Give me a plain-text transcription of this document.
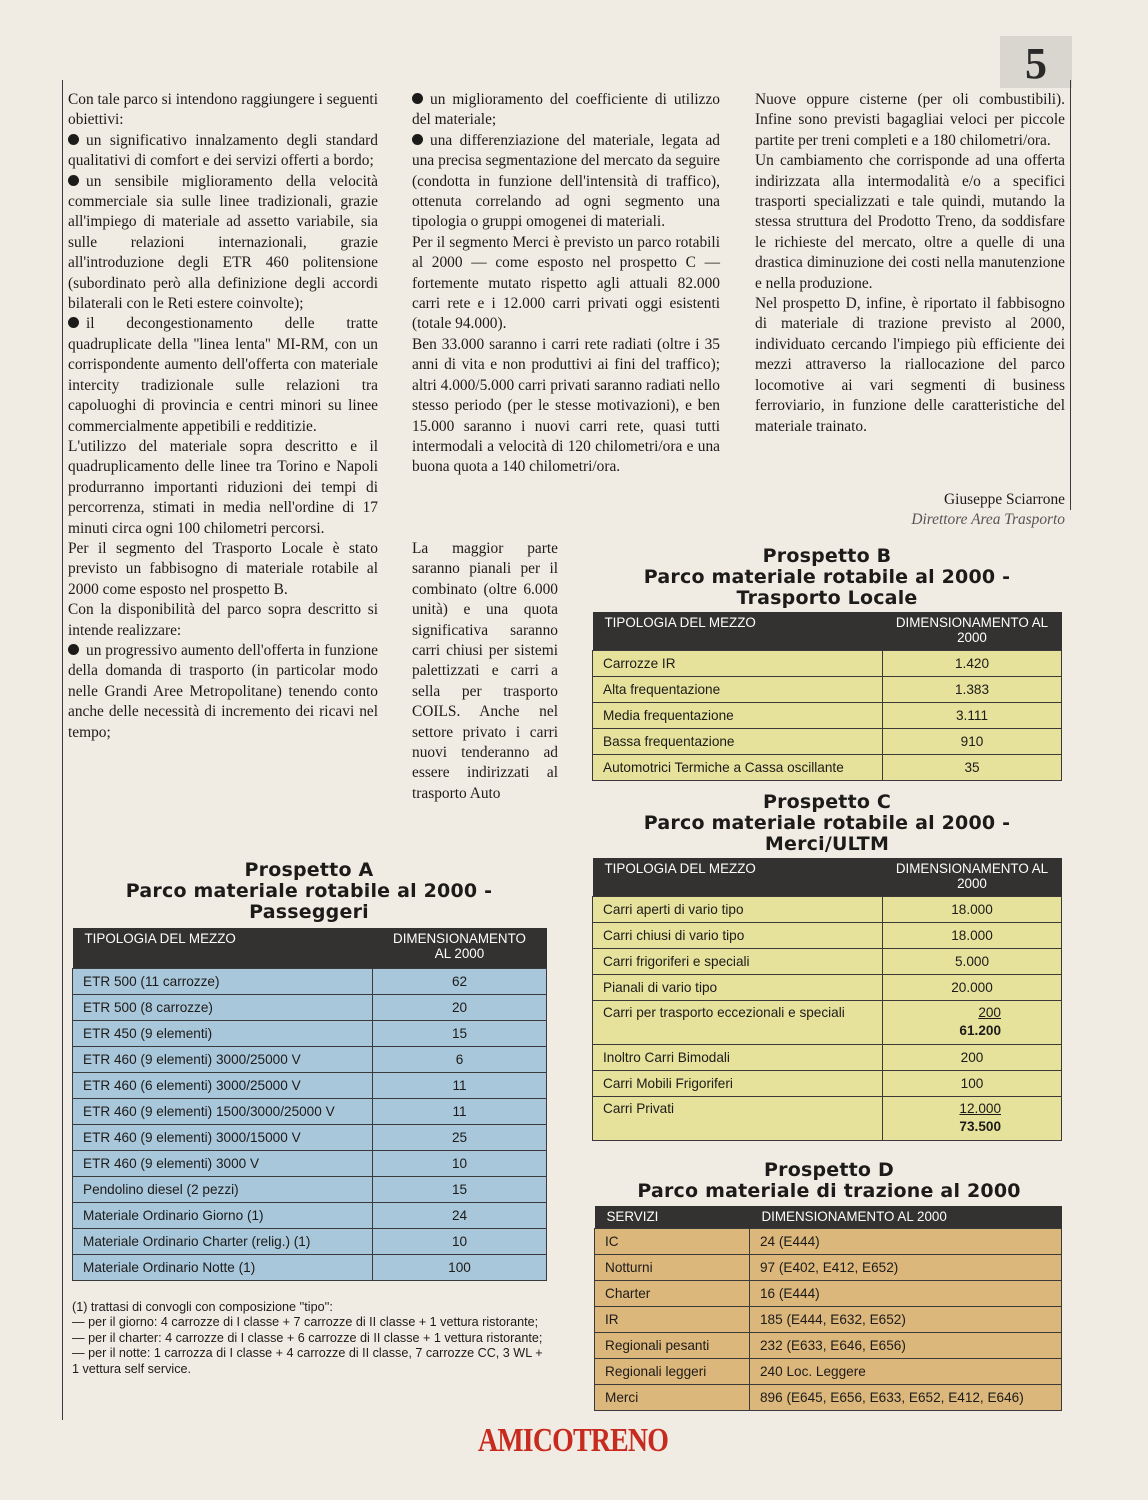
5

Con tale parco si intendono raggiungere i seguenti obiettivi:

un significativo innalzamento degli standard qualitativi di comfort e dei servizi offerti a bordo;

un sensibile miglioramento della velocità commerciale sia sulle linee tradizionali, grazie all'impiego di materiale ad assetto variabile, sia sulle relazioni internazionali, grazie all'introduzione degli ETR 460 politensione (subordinato però alla definizione degli accordi bilaterali con le Reti estere coinvolte);

il decongestionamento delle tratte quadruplicate della ''linea lenta'' MI-RM, con un corrispondente aumento dell'offerta con materiale intercity tradizionale sulle relazioni tra capoluoghi di provincia e centri minori su linee commercialmente appetibili e redditizie.

L'utilizzo del materiale sopra descritto e il quadruplicamento delle linee tra Torino e Napoli produrranno importanti riduzioni dei tempi di percorrenza, stimati in media nell'ordine di 17 minuti circa ogni 100 chilometri percorsi.

Per il segmento del Trasporto Locale è stato previsto un fabbisogno di materiale rotabile al 2000 come esposto nel prospetto B.

Con la disponibilità del parco sopra descritto si intende realizzare:

un progressivo aumento dell'offerta in funzione della domanda di trasporto (in particolar modo nelle Grandi Aree Metropolitane) tenendo conto anche delle necessità di incremento dei ricavi nel tempo;

un miglioramento del coefficiente di utilizzo del materiale;

una differenziazione del materiale, legata ad una precisa segmentazione del mercato da seguire (condotta in funzione dell'intensità di traffico), ottenuta correlando ad ogni segmento una tipologia o gruppi omogenei di materiali.

Per il segmento Merci è previsto un parco rotabili al 2000 — come esposto nel prospetto C — fortemente mutato rispetto agli attuali 82.000 carri rete e i 12.000 carri privati oggi esistenti (totale 94.000).

Ben 33.000 saranno i carri rete radiati (oltre i 35 anni di vita e non produttivi ai fini del traffico); altri 4.000/5.000 carri privati saranno radiati nello stesso periodo (per le stesse motivazioni), e ben 15.000 saranno i nuovi carri rete, quasi tutti intermodali a velocità di 120 chilometri/ora e una buona quota a 140 chilometri/ora.

La maggior parte saranno pianali per il combinato (oltre 6.000 unità) e una quota significativa saranno carri chiusi per sistemi palettizzati e carri a sella per trasporto COILS. Anche nel settore privato i carri nuovi tenderanno ad essere indirizzati al trasporto Auto

Nuove oppure cisterne (per oli combustibili). Infine sono previsti bagagliai veloci per piccole partite per treni completi e a 180 chilometri/ora.

Un cambiamento che corrisponde ad una offerta indirizzata alla intermodalità e/o a specifici trasporti specializzati e tale quindi, mutando la stessa struttura del Prodotto Treno, da soddisfare le richieste del mercato, oltre a quelle di una drastica diminuzione dei costi nella manutenzione e nella produzione.

Nel prospetto D, infine, è riportato il fabbisogno di materiale di trazione previsto al 2000, individuato cercando l'impiego più efficiente dei mezzi attraverso la riallocazione del parco locomotive ai vari segmenti di business ferroviario, in funzione delle caratteristiche del materiale trainato.

Giuseppe Sciarrone
Direttore Area Trasporto
Prospetto A
Parco materiale rotabile al 2000 -
Passeggeri
TIPOLOGIA DEL MEZZO	DIMENSIONAMENTO AL 2000
ETR 500 (11 carrozze)	62
ETR 500 (8 carrozze)	20
ETR 450 (9 elementi)	15
ETR 460 (9 elementi) 3000/25000 V	6
ETR 460 (6 elementi) 3000/25000 V	11
ETR 460 (9 elementi) 1500/3000/25000 V	11
ETR 460 (9 elementi) 3000/15000 V	25
ETR 460 (9 elementi) 3000 V	10
Pendolino diesel (2 pezzi)	15
Materiale Ordinario Giorno (1)	24
Materiale Ordinario Charter (relig.) (1)	10
Materiale Ordinario Notte (1)	100
(1) trattasi di convogli con composizione ''tipo'':
— per il giorno: 4 carrozze di I classe + 7 carrozze di II classe + 1 vettura ristorante;
— per il charter: 4 carrozze di I classe + 6 carrozze di II classe + 1 vettura ristorante;
— per il notte: 1 carrozza di I classe + 4 carrozze di II classe, 7 carrozze CC, 3 WL + 1 vettura self service.
Prospetto B
Parco materiale rotabile al 2000 -
Trasporto Locale
TIPOLOGIA DEL MEZZO	DIMENSIONAMENTO AL 2000
Carrozze IR	1.420
Alta frequentazione	1.383
Media frequentazione	3.111
Bassa frequentazione	910
Automotrici Termiche a Cassa oscillante	35
Prospetto C
Parco materiale rotabile al 2000 -
Merci/ULTM
TIPOLOGIA DEL MEZZO	DIMENSIONAMENTO AL 2000
Carri aperti di vario tipo	18.000
Carri chiusi di vario tipo	18.000
Carri frigoriferi e speciali	5.000
Pianali di vario tipo	20.000
Carri per trasporto eccezionali e speciali	200
61.200

Inoltro Carri Bimodali	200
Carri Mobili Frigoriferi	100
Carri Privati	12.000
73.500
Prospetto D
Parco materiale di trazione al 2000
SERVIZI	DIMENSIONAMENTO AL 2000
IC	24 (E444)
Notturni	97 (E402, E412, E652)
Charter	16 (E444)
IR	185 (E444, E632, E652)
Regionali pesanti	232 (E633, E646, E656)
Regionali leggeri	240 Loc. Leggere
Merci	896 (E645, E656, E633, E652, E412, E646)
AMICOTRENO
